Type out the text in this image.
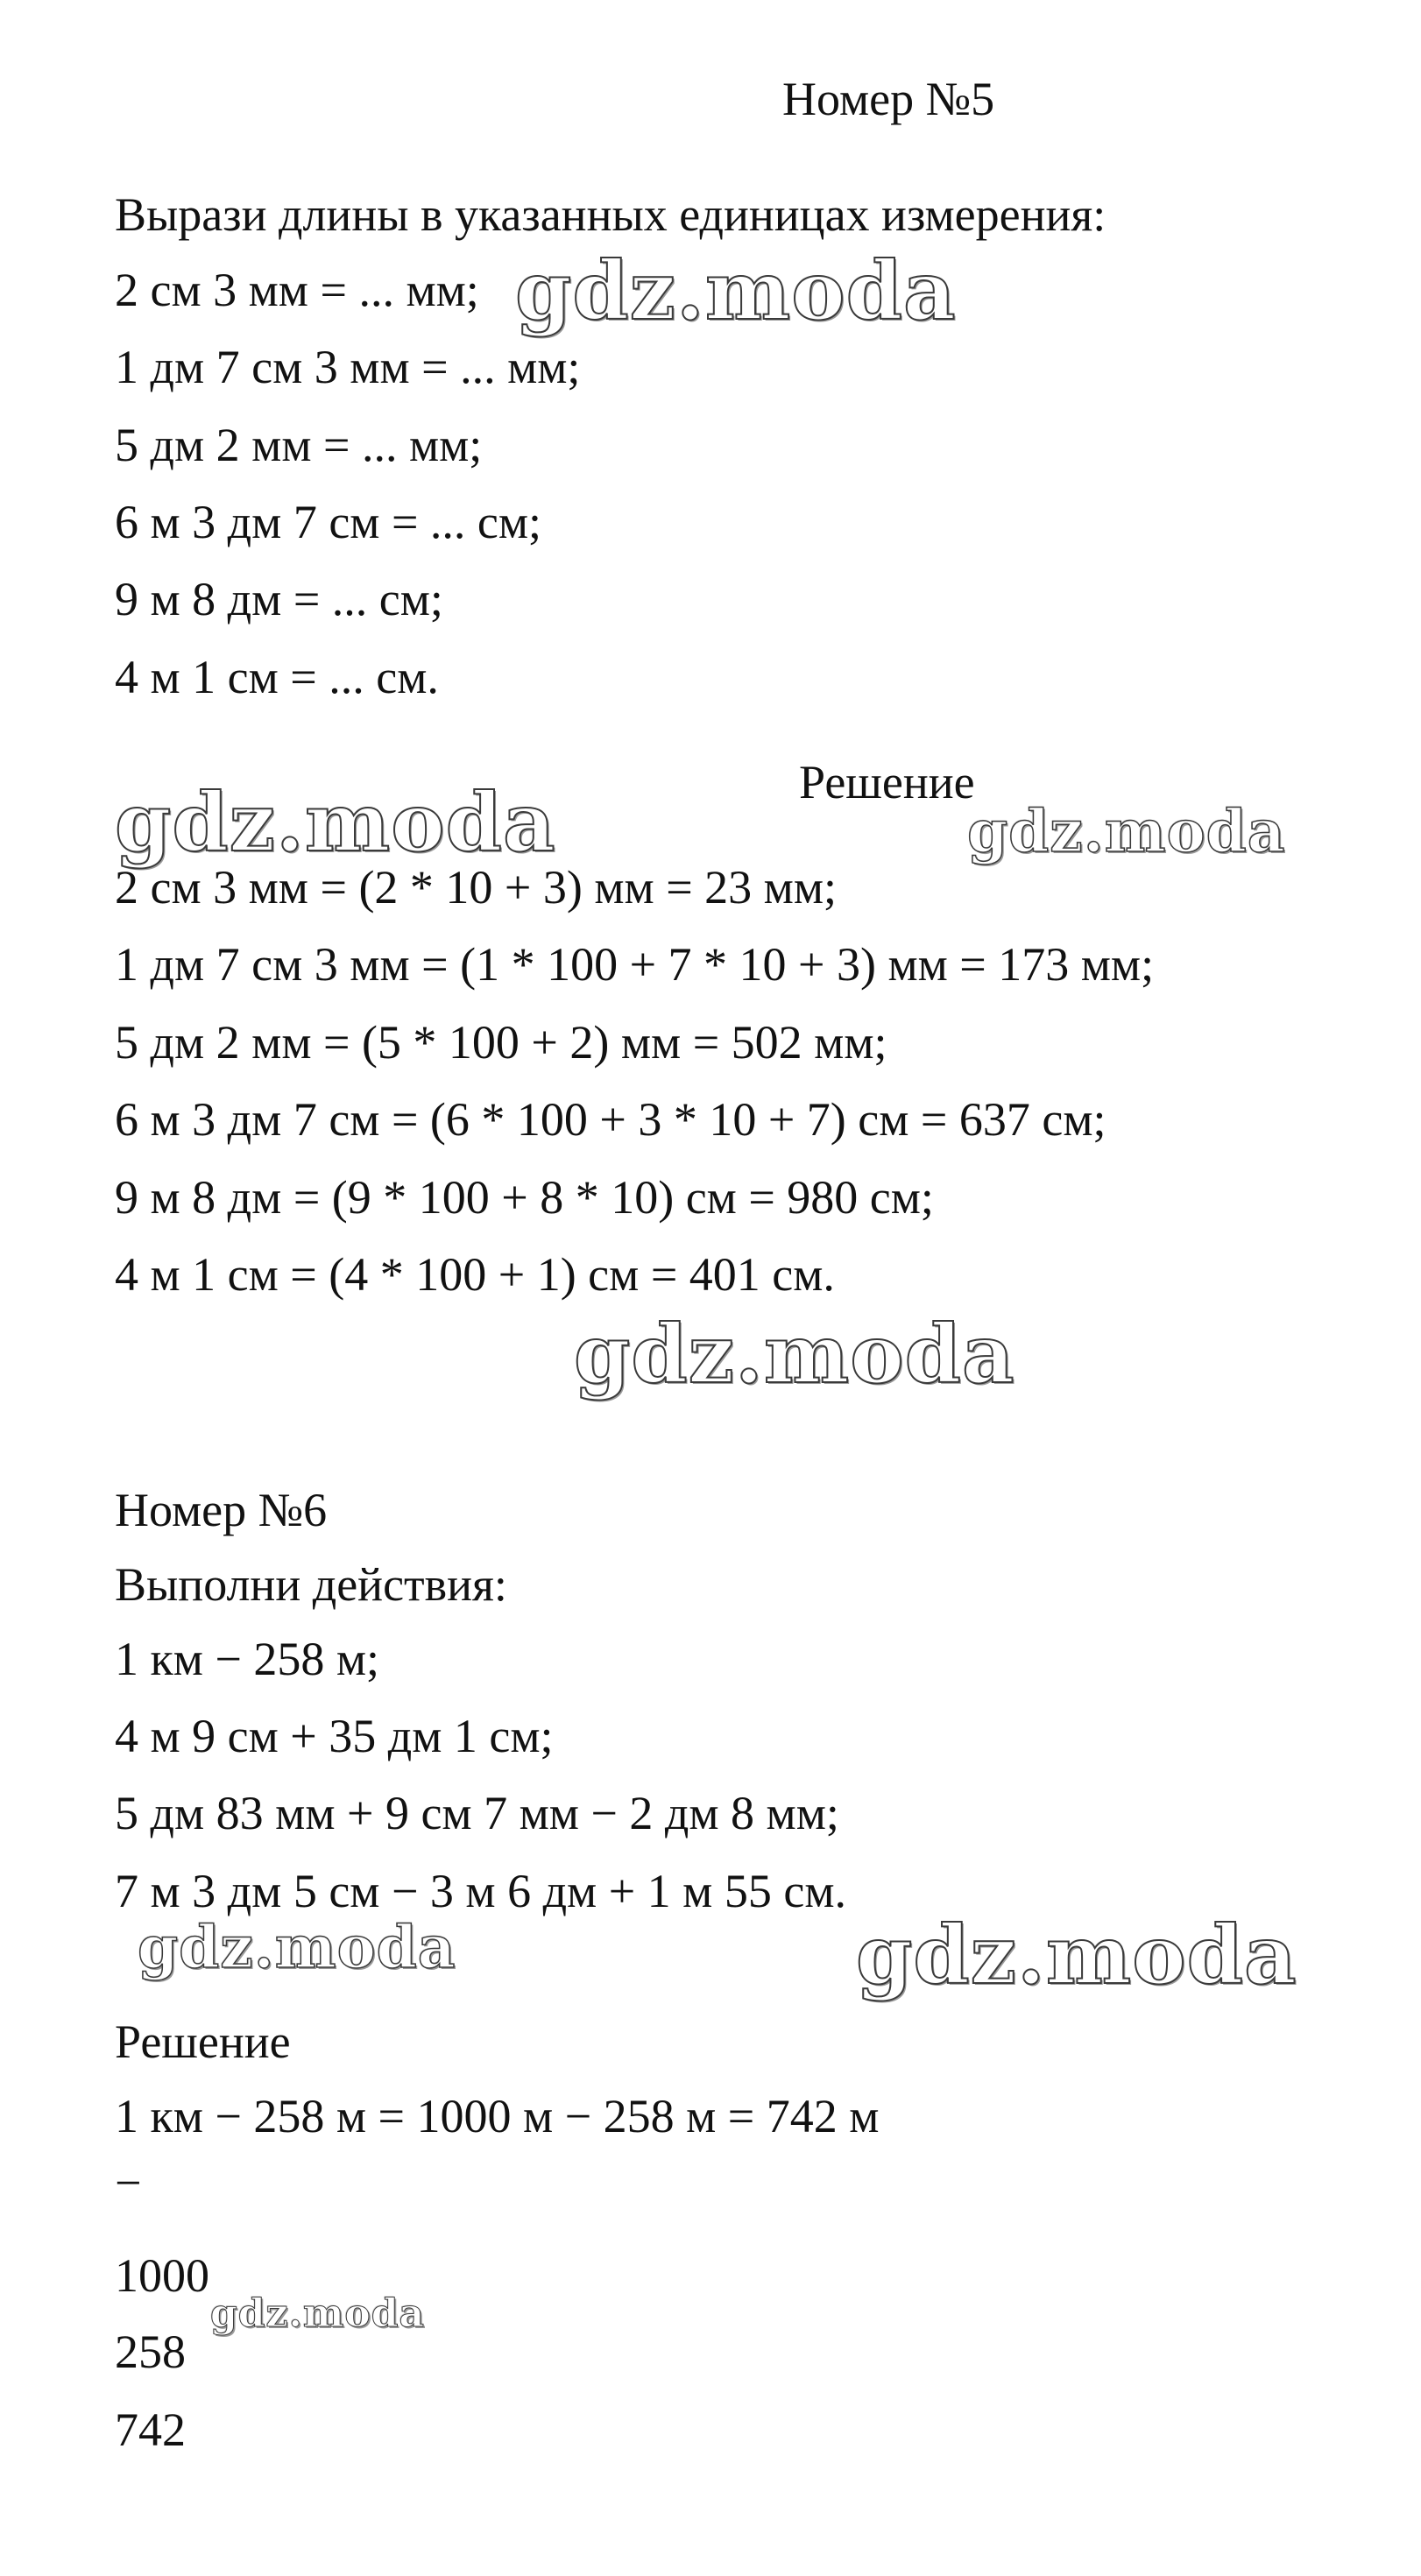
Номер №5
Вырази длины в указанных единицах измерения:
2 см 3 мм = ... мм;
1 дм 7 см 3 мм = ... мм;
5 дм 2 мм = ... мм;
6 м 3 дм 7 см = ... см;
9 м 8 дм = ... см;
4 м 1 см = ... см.
Решение
2 см 3 мм = (2 * 10 + 3) мм = 23 мм;
1 дм 7 см 3 мм = (1 * 100 + 7 * 10 + 3) мм = 173 мм;
5 дм 2 мм = (5 * 100 + 2) мм = 502 мм;
6 м 3 дм 7 см = (6 * 100 + 3 * 10 + 7) см = 637 см;
9 м 8 дм = (9 * 100 + 8 * 10) см = 980 см;
4 м 1 см = (4 * 100 + 1) см = 401 см.
Номер №6
Выполни действия:
1 км − 258 м;
4 м 9 см + 35 дм 1 см;
5 дм 83 мм + 9 см 7 мм − 2 дм 8 мм;
7 м 3 дм 5 см − 3 м 6 дм + 1 м 55 см.
Решение
1 км − 258 м = 1000 м − 258 м = 742 м
−
1000
258
742
gdz.moda
gdz.moda	gdz.moda
gdz.moda
gdz.moda	gdz.moda
gdz.moda
